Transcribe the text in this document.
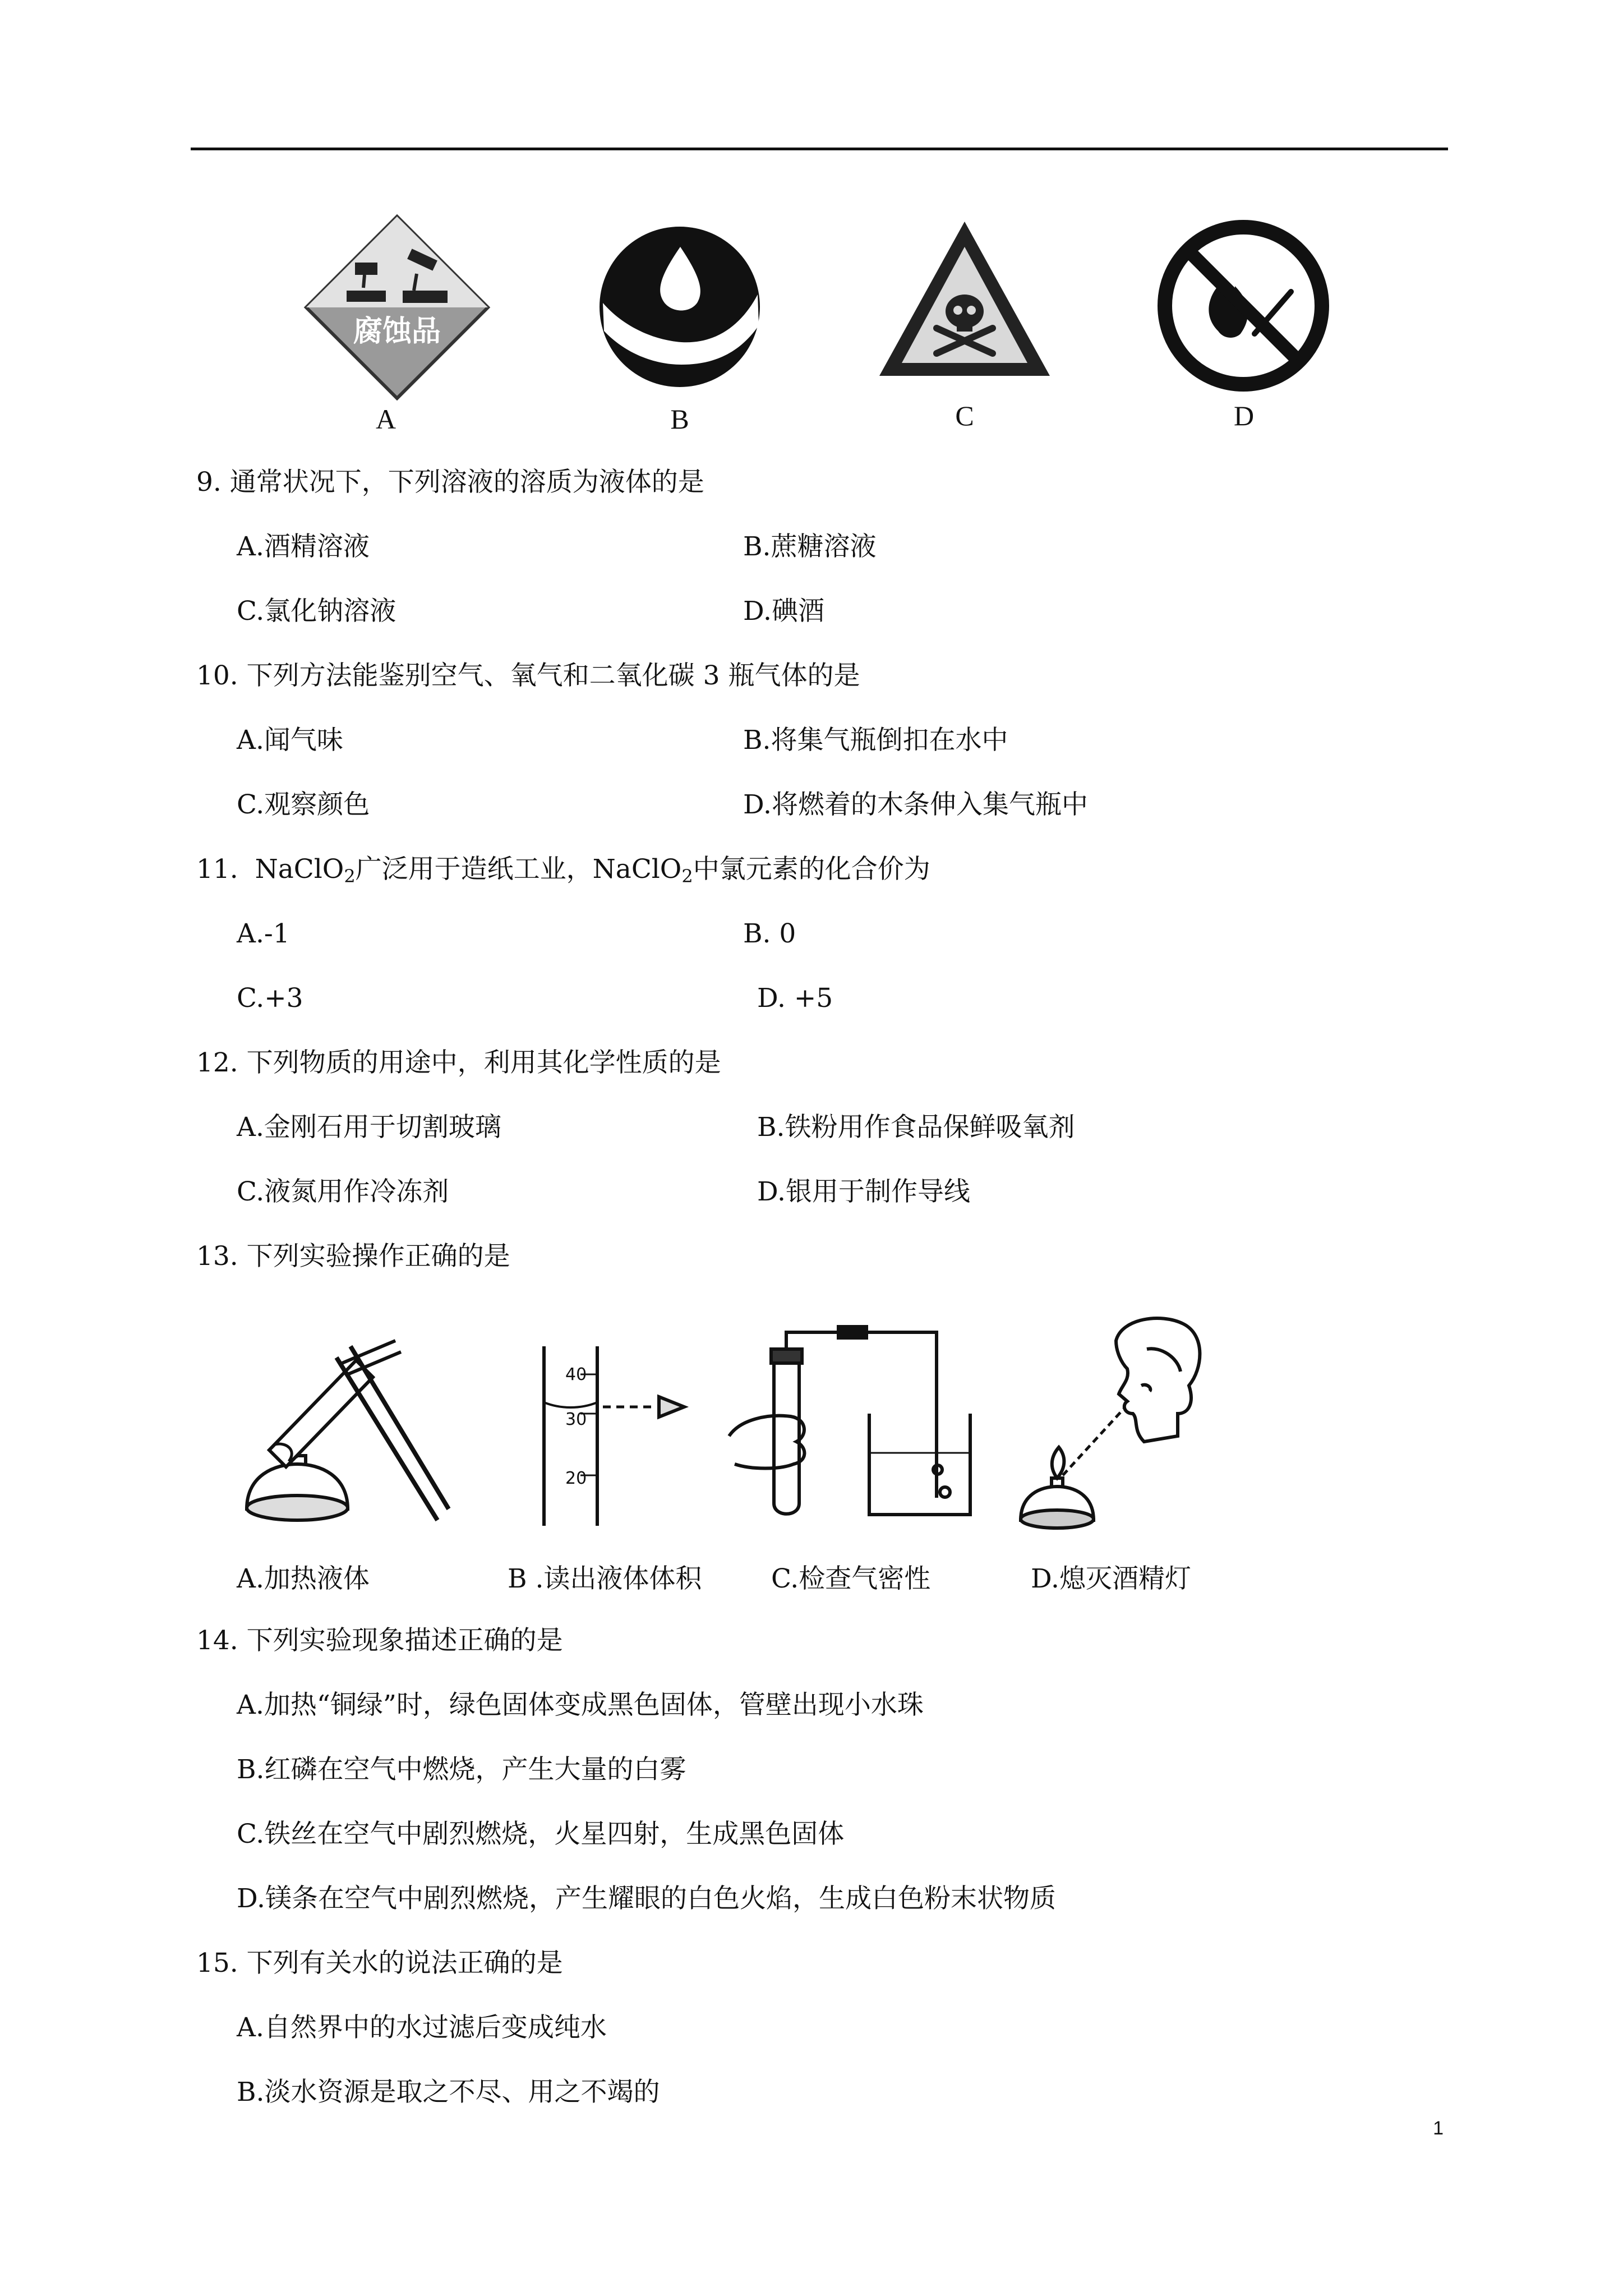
腐蚀品
A	B	C	D
9. 通常状况下，下列溶液的溶质为液体的是
A.酒精溶液	B.蔗糖溶液
C.氯化钠溶液	D.碘酒
10. 下列方法能鉴别空气、氧气和二氧化碳 3 瓶气体的是
A.闻气味	B.将集气瓶倒扣在水中
C.观察颜色	D.将燃着的木条伸入集气瓶中
11. NaClO$_2$广泛用于造纸工业，NaClO$_2$中氯元素的化合价为
A.-1	B. 0
C.+3	D. +5
12. 下列物质的用途中，利用其化学性质的是
A.金刚石用于切割玻璃	B.铁粉用作食品保鲜吸氧剂
C.液氮用作冷冻剂	D.银用于制作导线
13. 下列实验操作正确的是
40
30
20
A.加热液体	B .读出液体体积	C.检查气密性	D.熄灭酒精灯
14. 下列实验现象描述正确的是
A.加热“铜绿”时，绿色固体变成黑色固体，管壁出现小水珠
B.红磷在空气中燃烧，产生大量的白雾
C.铁丝在空气中剧烈燃烧，火星四射，生成黑色固体
D.镁条在空气中剧烈燃烧，产生耀眼的白色火焰，生成白色粉末状物质
15. 下列有关水的说法正确的是
A.自然界中的水过滤后变成纯水
B.淡水资源是取之不尽、用之不竭的
1
